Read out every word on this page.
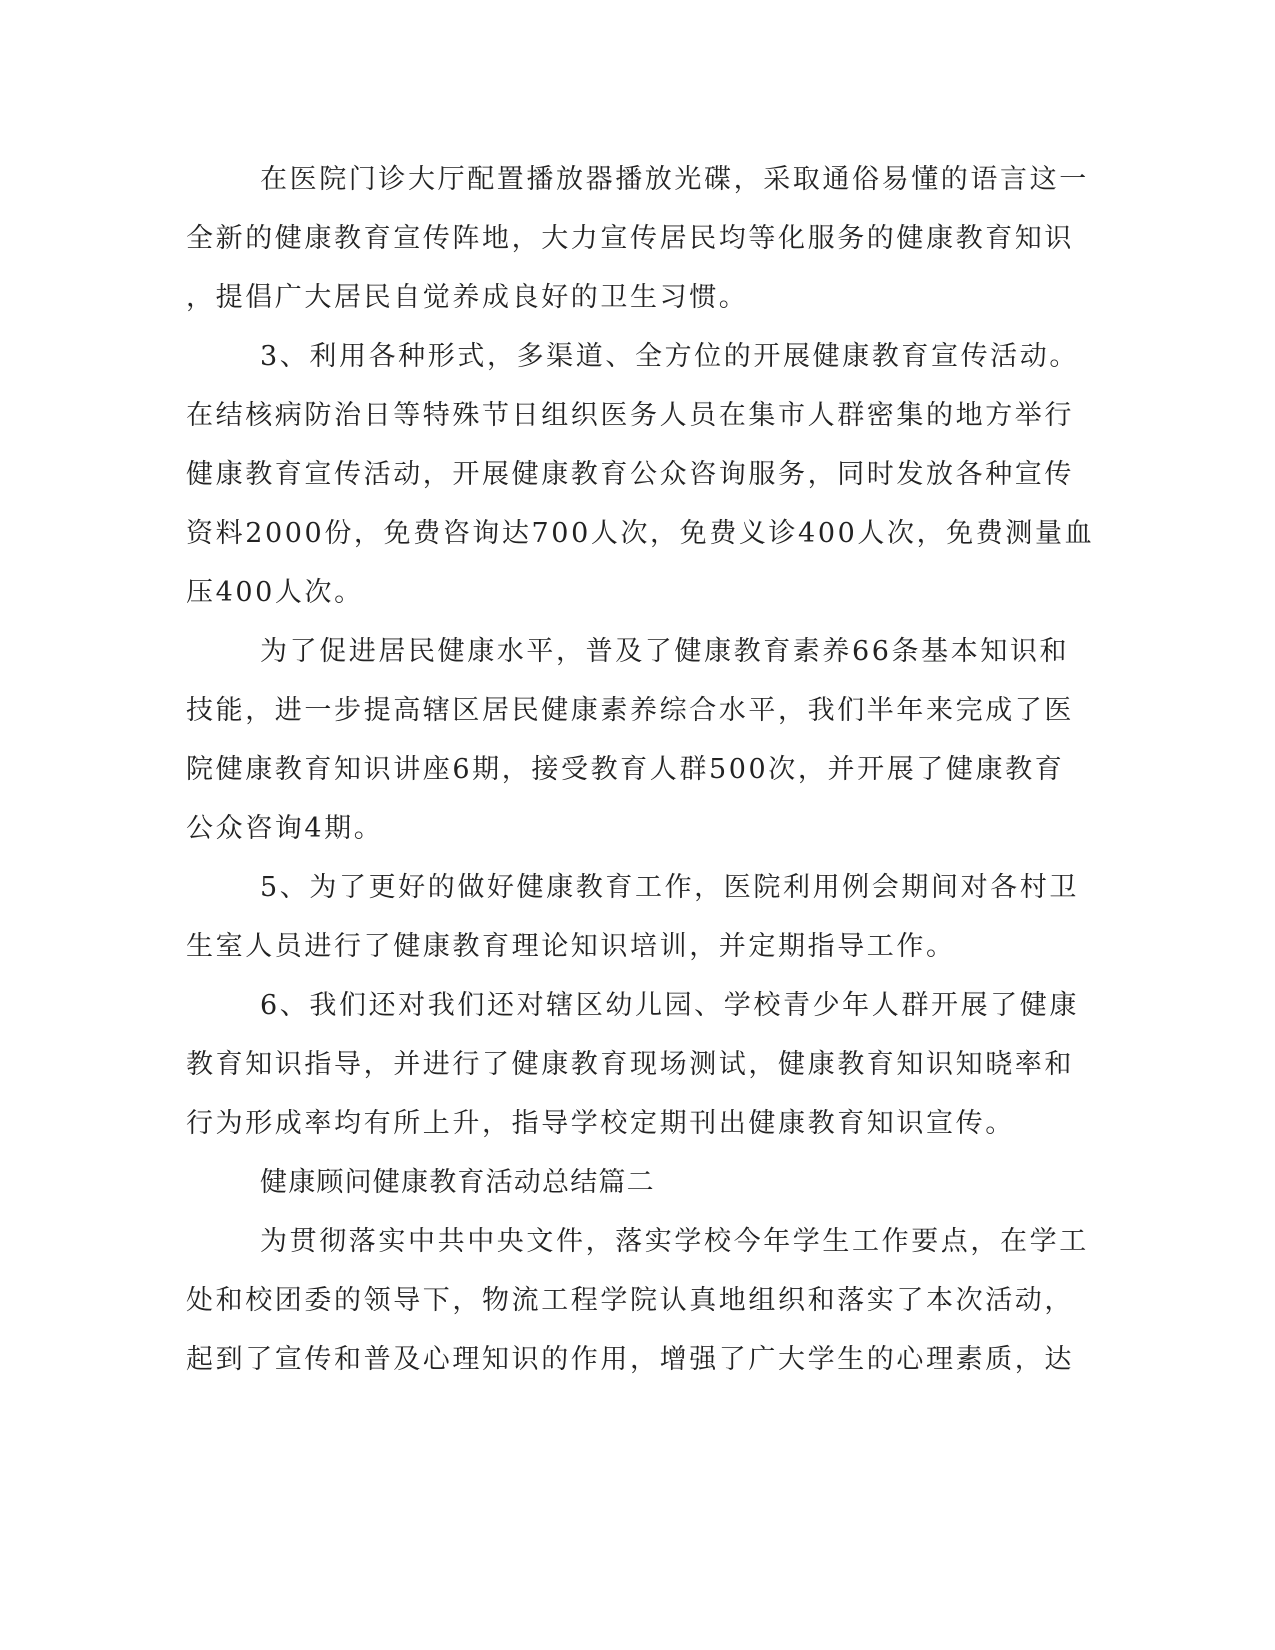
在医院门诊大厅配置播放器播放光碟，采取通俗易懂的语言这一
全新的健康教育宣传阵地，大力宣传居民均等化服务的健康教育知识
，提倡广大居民自觉养成良好的卫生习惯。
3、利用各种形式，多渠道、全方位的开展健康教育宣传活动。
在结核病防治日等特殊节日组织医务人员在集市人群密集的地方举行
健康教育宣传活动，开展健康教育公众咨询服务，同时发放各种宣传
资料2000份，免费咨询达700人次，免费义诊400人次，免费测量血
压400人次。
为了促进居民健康水平，普及了健康教育素养66条基本知识和
技能，进一步提高辖区居民健康素养综合水平，我们半年来完成了医
院健康教育知识讲座6期，接受教育人群500次，并开展了健康教育
公众咨询4期。
5、为了更好的做好健康教育工作，医院利用例会期间对各村卫
生室人员进行了健康教育理论知识培训，并定期指导工作。
6、我们还对我们还对辖区幼儿园、学校青少年人群开展了健康
教育知识指导，并进行了健康教育现场测试，健康教育知识知晓率和
行为形成率均有所上升，指导学校定期刊出健康教育知识宣传。
健康顾问健康教育活动总结篇二
为贯彻落实中共中央文件，落实学校今年学生工作要点，在学工
处和校团委的领导下，物流工程学院认真地组织和落实了本次活动，
起到了宣传和普及心理知识的作用，增强了广大学生的心理素质，达
